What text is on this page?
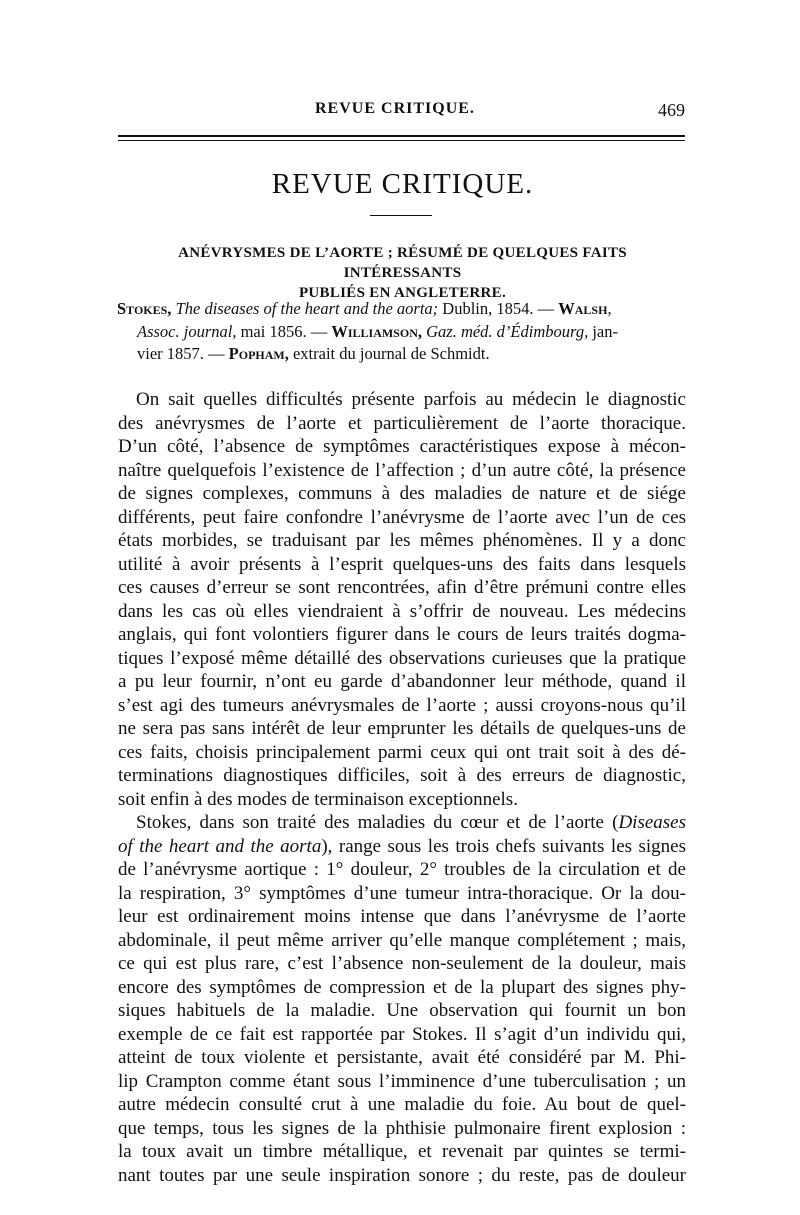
REVUE CRITIQUE.	469
REVUE CRITIQUE.
ANÉVRYSMES DE L’AORTE ; RÉSUMÉ DE QUELQUES FAITS INTÉRESSANTS
PUBLIÉS EN ANGLETERRE.
Stokes, The diseases of the heart and the aorta; Dublin, 1854. — Walsh,
Assoc. journal, mai 1856. — Williamson, Gaz. méd. d’Édimbourg, jan-
vier 1857. — Popham, extrait du journal de Schmidt.
On sait quelles difficultés présente parfois au médecin le diagnostic
des anévrysmes de l’aorte et particulièrement de l’aorte thoracique.
D’un côté, l’absence de symptômes caractéristiques expose à mécon-
naître quelquefois l’existence de l’affection ; d’un autre côté, la présence
de signes complexes, communs à des maladies de nature et de siége
différents, peut faire confondre l’anévrysme de l’aorte avec l’un de ces
états morbides, se traduisant par les mêmes phénomènes. Il y a donc
utilité à avoir présents à l’esprit quelques-uns des faits dans lesquels
ces causes d’erreur se sont rencontrées, afin d’être prémuni contre elles
dans les cas où elles viendraient à s’offrir de nouveau. Les médecins
anglais, qui font volontiers figurer dans le cours de leurs traités dogma-
tiques l’exposé même détaillé des observations curieuses que la pratique
a pu leur fournir, n’ont eu garde d’abandonner leur méthode, quand il
s’est agi des tumeurs anévrysmales de l’aorte ; aussi croyons-nous qu’il
ne sera pas sans intérêt de leur emprunter les détails de quelques-uns de
ces faits, choisis principalement parmi ceux qui ont trait soit à des dé-
terminations diagnostiques difficiles, soit à des erreurs de diagnostic,
soit enfin à des modes de terminaison exceptionnels.
Stokes, dans son traité des maladies du cœur et de l’aorte (Diseases
of the heart and the aorta), range sous les trois chefs suivants les signes
de l’anévrysme aortique : 1° douleur, 2° troubles de la circulation et de
la respiration, 3° symptômes d’une tumeur intra-thoracique. Or la dou-
leur est ordinairement moins intense que dans l’anévrysme de l’aorte
abdominale, il peut même arriver qu’elle manque complétement ; mais,
ce qui est plus rare, c’est l’absence non-seulement de la douleur, mais
encore des symptômes de compression et de la plupart des signes phy-
siques habituels de la maladie. Une observation qui fournit un bon
exemple de ce fait est rapportée par Stokes. Il s’agit d’un individu qui,
atteint de toux violente et persistante, avait été considéré par M. Phi-
lip Crampton comme étant sous l’imminence d’une tuberculisation ; un
autre médecin consulté crut à une maladie du foie. Au bout de quel-
que temps, tous les signes de la phthisie pulmonaire firent explosion :
la toux avait un timbre métallique, et revenait par quintes se termi-
nant toutes par une seule inspiration sonore ; du reste, pas de douleur
